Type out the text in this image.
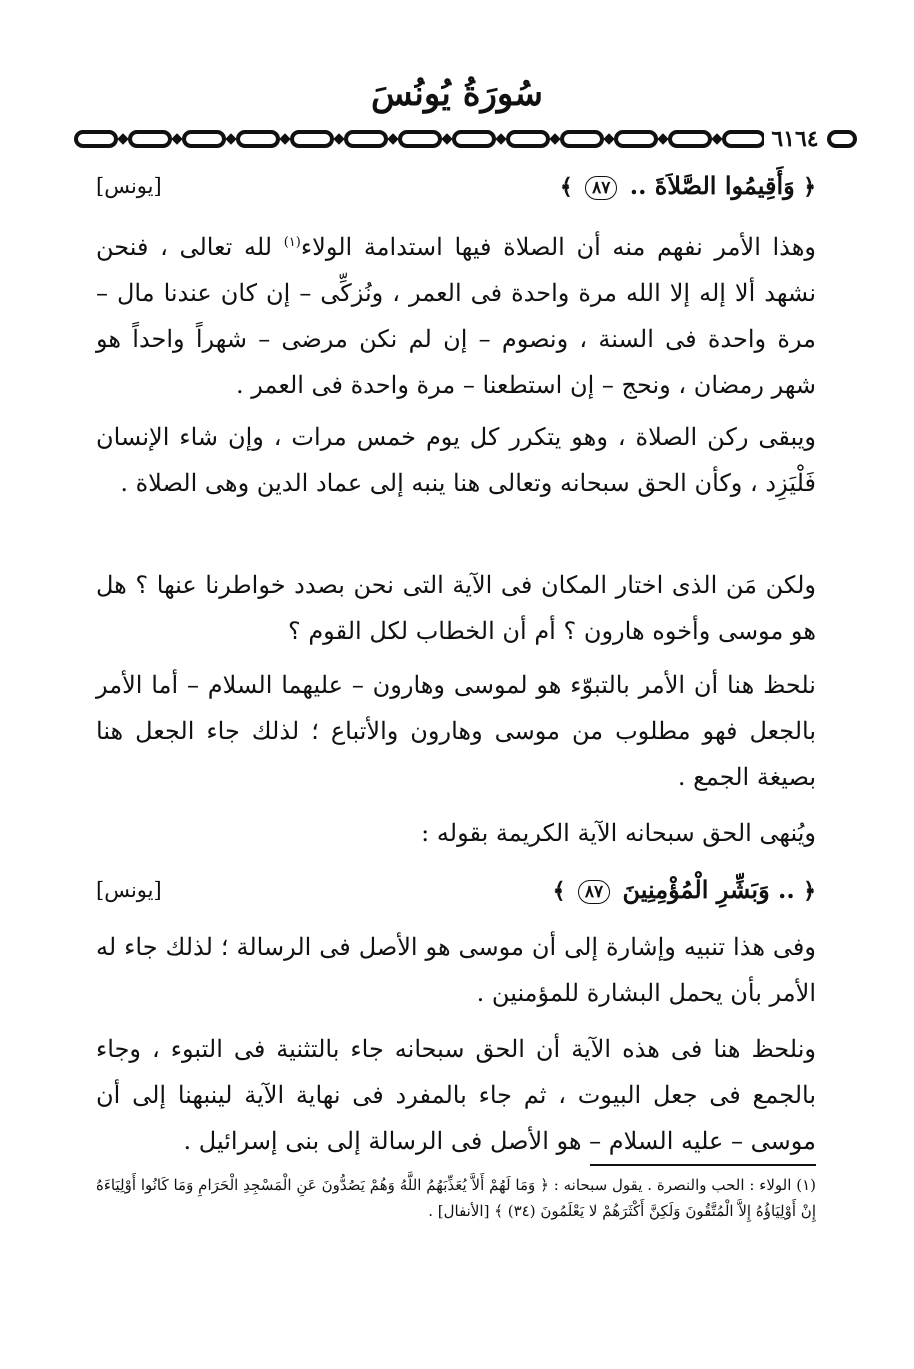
سُورَةُ يُونُسَ
٦١٦٤
﴿ وَأَقِيمُوا الصَّلاَةَ .. ٨٧ ﴾
[يونس]

وهذا الأمر نفهم منه أن الصلاة فيها استدامة الولاء$^{(١)}$ لله تعالى ، فنحن نشهد ألا إله إلا الله مرة واحدة فى العمر ، ونُزكِّى – إن كان عندنا مال – مرة واحدة فى السنة ، ونصوم – إن لم نكن مرضى – شهراً واحداً هو شهر رمضان ، ونحج – إن استطعنا – مرة واحدة فى العمر .

ويبقى ركن الصلاة ، وهو يتكرر كل يوم خمس مرات ، وإن شاء الإنسان فَلْيَزِد ، وكأن الحق سبحانه وتعالى هنا ينبه إلى عماد الدين وهى الصلاة .

ولكن مَن الذى اختار المكان فى الآية التى نحن بصدد خواطرنا عنها ؟ هل هو موسى وأخوه هارون ؟ أم أن الخطاب لكل القوم ؟

نلحظ هنا أن الأمر بالتبوّء هو لموسى وهارون – عليهما السلام – أما الأمر بالجعل فهو مطلوب من موسى وهارون والأتباع ؛ لذلك جاء الجعل هنا بصيغة الجمع .

ويُنهى الحق سبحانه الآية الكريمة بقوله :

﴿ .. وَبَشِّرِ الْمُؤْمِنِينَ ٨٧ ﴾
[يونس]

وفى هذا تنبيه وإشارة إلى أن موسى هو الأصل فى الرسالة ؛ لذلك جاء له الأمر بأن يحمل البشارة للمؤمنين .

ونلحظ هنا فى هذه الآية أن الحق سبحانه جاء بالتثنية فى التبوء ، وجاء بالجمع فى جعل البيوت ، ثم جاء بالمفرد فى نهاية الآية لينبهنا إلى أن موسى – عليه السلام – هو الأصل فى الرسالة إلى بنى إسرائيل .

(١) الولاء : الحب والنصرة . يقول سبحانه : ﴿ وَمَا لَهُمْ أَلاَّ يُعَذِّبَهُمُ اللَّهُ وَهُمْ يَصُدُّونَ عَنِ الْمَسْجِدِ الْحَرَامِ وَمَا كَانُوا أَوْلِيَاءَهُ إِنْ أَوْلِيَاؤُهُ إِلاَّ الْمُتَّقُونَ وَلَكِنَّ أَكْثَرَهُمْ لا يَعْلَمُونَ (٣٤) ﴾ [الأنفال] .
